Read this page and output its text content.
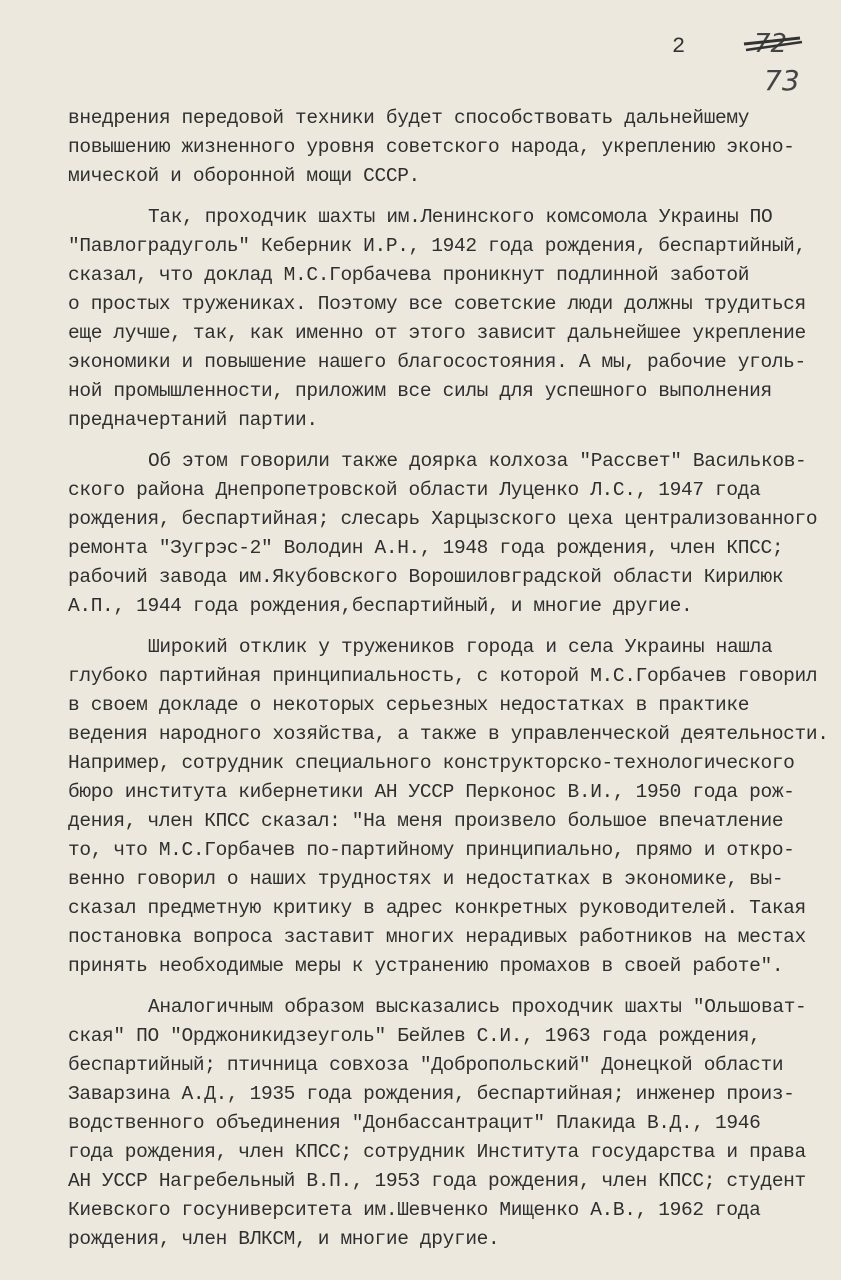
2	72
73

внедрения передовой техники будет способствовать дальнейшему
повышению жизненного уровня советского народа, укреплению эконо-
мической и оборонной мощи СССР.

Так, проходчик шахты им.Ленинского комсомола Украины ПО
"Павлоградуголь" Кеберник И.Р., 1942 года рождения, беспартийный,
сказал, что доклад М.С.Горбачева проникнут подлинной заботой
о простых тружениках. Поэтому все советские люди должны трудиться
еще лучше, так, как именно от этого зависит дальнейшее укрепление
экономики и повышение нашего благосостояния. А мы, рабочие уголь-
ной промышленности, приложим все силы для успешного выполнения
предначертаний партии.

Об этом говорили также доярка колхоза "Рассвет" Васильков-
ского района Днепропетровской области Луценко Л.С., 1947 года
рождения, беспартийная; слесарь Харцызского цеха централизованного
ремонта "Зугрэс-2" Володин А.Н., 1948 года рождения, член КПСС;
рабочий завода им.Якубовского Ворошиловградской области Кирилюк
А.П., 1944 года рождения,беспартийный, и многие другие.

Широкий отклик у тружеников города и села Украины нашла
глубоко партийная принципиальность, с которой М.С.Горбачев говорил
в своем докладе о некоторых серьезных недостатках в практике
ведения народного хозяйства, а также в управленческой деятельности.
Например, сотрудник специального конструкторско-технологического
бюро института кибернетики АН УССР Перконос В.И., 1950 года рож-
дения, член КПСС сказал: "На меня произвело большое впечатление
то, что М.С.Горбачев по-партийному принципиально, прямо и откро-
венно говорил о наших трудностях и недостатках в экономике, вы-
сказал предметную критику в адрес конкретных руководителей. Такая
постановка вопроса заставит многих нерадивых работников на местах
принять необходимые меры к устранению промахов в своей работе".

Аналогичным образом высказались проходчик шахты "Ольшоват-
ская" ПО "Орджоникидзеуголь" Бейлев С.И., 1963 года рождения,
беспартийный; птичница совхоза "Добропольский" Донецкой области
Заварзина А.Д., 1935 года рождения, беспартийная; инженер произ-
водственного объединения "Донбассантрацит" Плакида В.Д., 1946
года рождения, член КПСС; сотрудник Института государства и права
АН УССР Нагребельный В.П., 1953 года рождения, член КПСС; студент
Киевского госуниверситета им.Шевченко Мищенко А.В., 1962 года
рождения, член ВЛКСМ, и многие другие.
